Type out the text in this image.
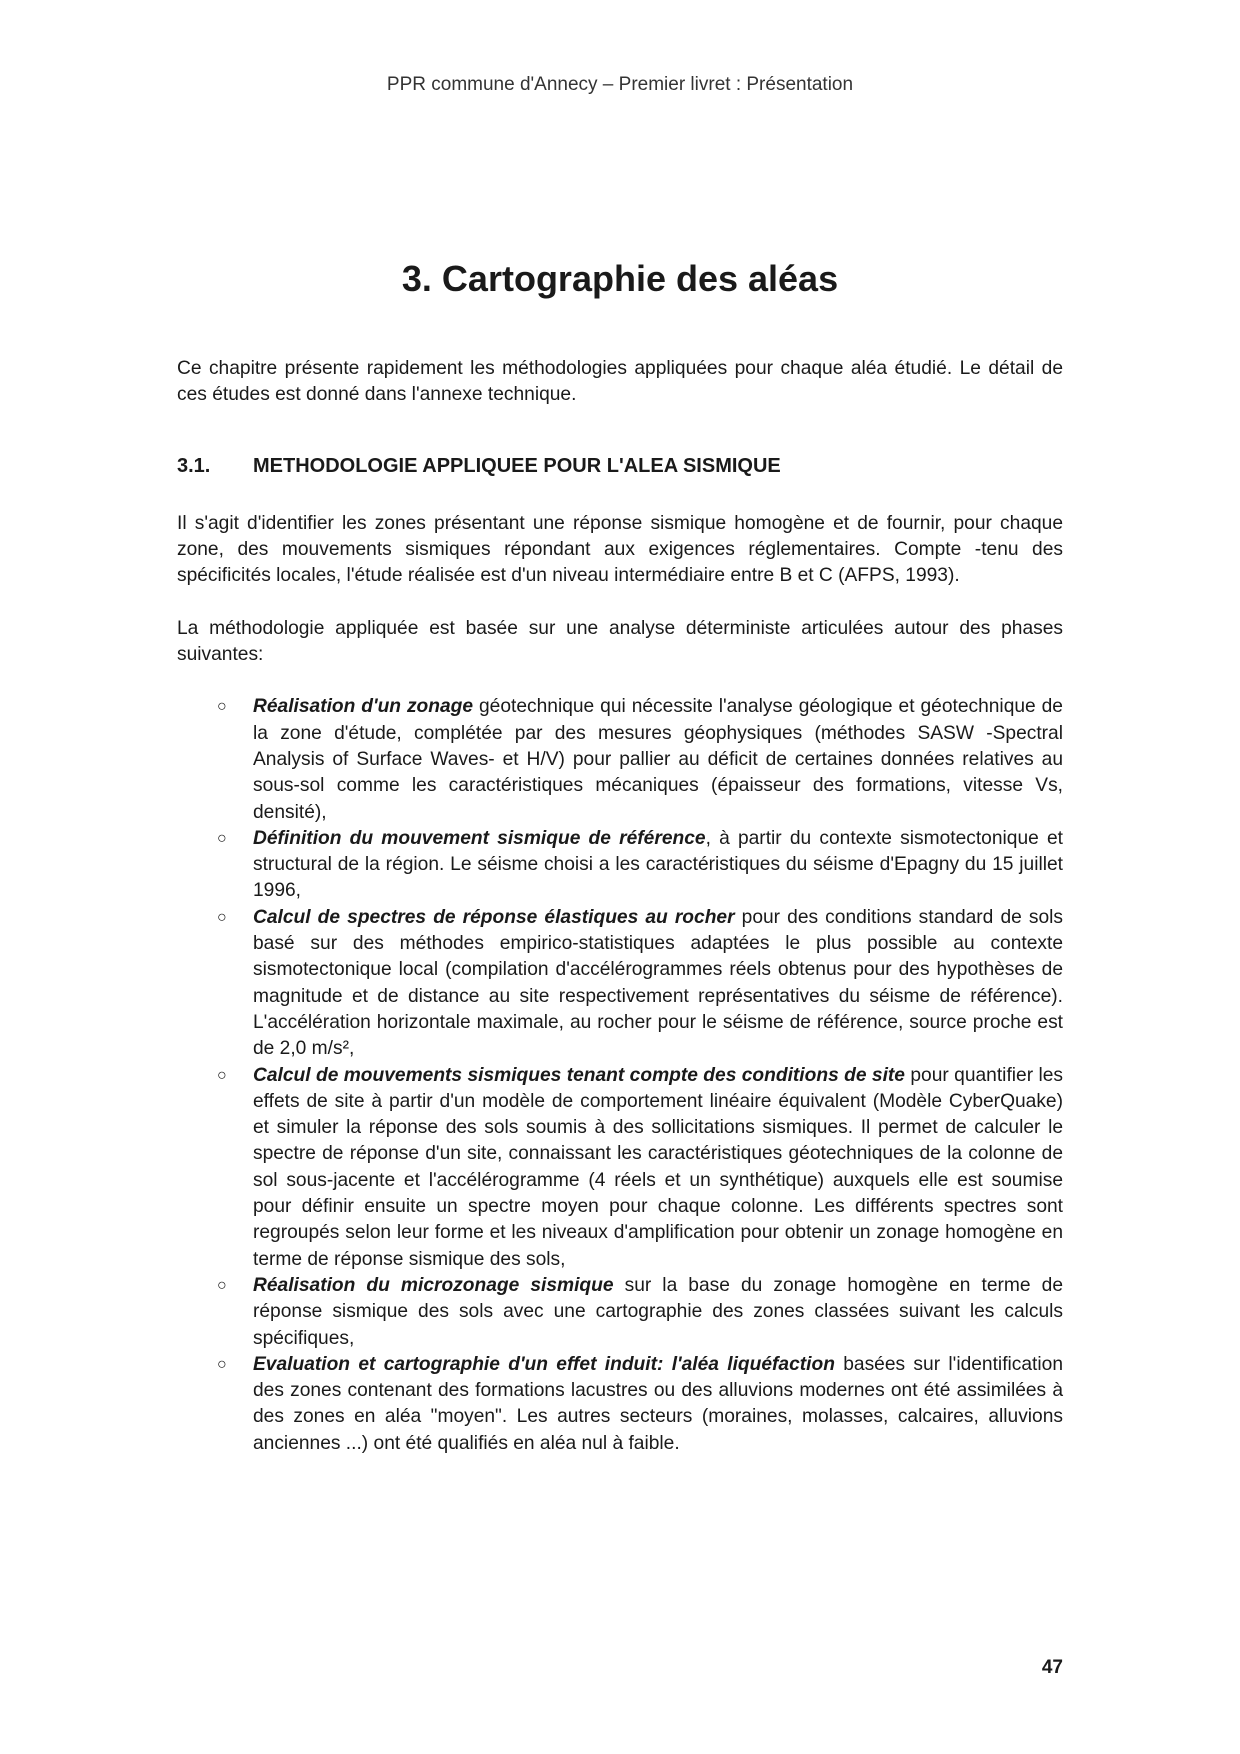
PPR commune d'Annecy – Premier livret : Présentation
3. Cartographie des aléas

Ce chapitre présente rapidement les méthodologies appliquées pour chaque aléa étudié. Le détail de ces études est donné dans l'annexe technique.

3.1.	METHODOLOGIE APPLIQUEE POUR L'ALEA SISMIQUE

Il s'agit d'identifier les zones présentant une réponse sismique homogène et de fournir, pour chaque zone, des mouvements sismiques répondant aux exigences réglementaires. Compte -tenu des spécificités locales, l'étude réalisée est d'un niveau intermédiaire entre B et C (AFPS, 1993).

La méthodologie appliquée est basée sur une analyse déterministe articulées autour des phases suivantes:

○ Réalisation d'un zonage géotechnique qui nécessite l'analyse géologique et géotechnique de la zone d'étude, complétée par des mesures géophysiques (méthodes SASW -Spectral Analysis of Surface Waves- et H/V) pour pallier au déficit de certaines données relatives au sous-sol comme les caractéristiques mécaniques (épaisseur des formations, vitesse Vs, densité),
○ Définition du mouvement sismique de référence, à partir du contexte sismotectonique et structural de la région. Le séisme choisi a les caractéristiques du séisme d'Epagny du 15 juillet 1996,
○ Calcul de spectres de réponse élastiques au rocher pour des conditions standard de sols basé sur des méthodes empirico-statistiques adaptées le plus possible au contexte sismotectonique local (compilation d'accélérogrammes réels obtenus pour des hypothèses de magnitude et de distance au site respectivement représentatives du séisme de référence). L'accélération horizontale maximale, au rocher pour le séisme de référence, source proche est de 2,0 m/s²,
○ Calcul de mouvements sismiques tenant compte des conditions de site pour quantifier les effets de site à partir d'un modèle de comportement linéaire équivalent (Modèle CyberQuake) et simuler la réponse des sols soumis à des sollicitations sismiques. Il permet de calculer le spectre de réponse d'un site, connaissant les caractéristiques géotechniques de la colonne de sol sous-jacente et l'accélérogramme (4 réels et un synthétique) auxquels elle est soumise pour définir ensuite un spectre moyen pour chaque colonne. Les différents spectres sont regroupés selon leur forme et les niveaux d'amplification pour obtenir un zonage homogène en terme de réponse sismique des sols,
○ Réalisation du microzonage sismique sur la base du zonage homogène en terme de réponse sismique des sols avec une cartographie des zones classées suivant les calculs spécifiques,
○ Evaluation et cartographie d'un effet induit: l'aléa liquéfaction basées sur l'identification des zones contenant des formations lacustres ou des alluvions modernes ont été assimilées à des zones en aléa "moyen". Les autres secteurs (moraines, molasses, calcaires, alluvions anciennes ...) ont été qualifiés en aléa nul à faible.
47
